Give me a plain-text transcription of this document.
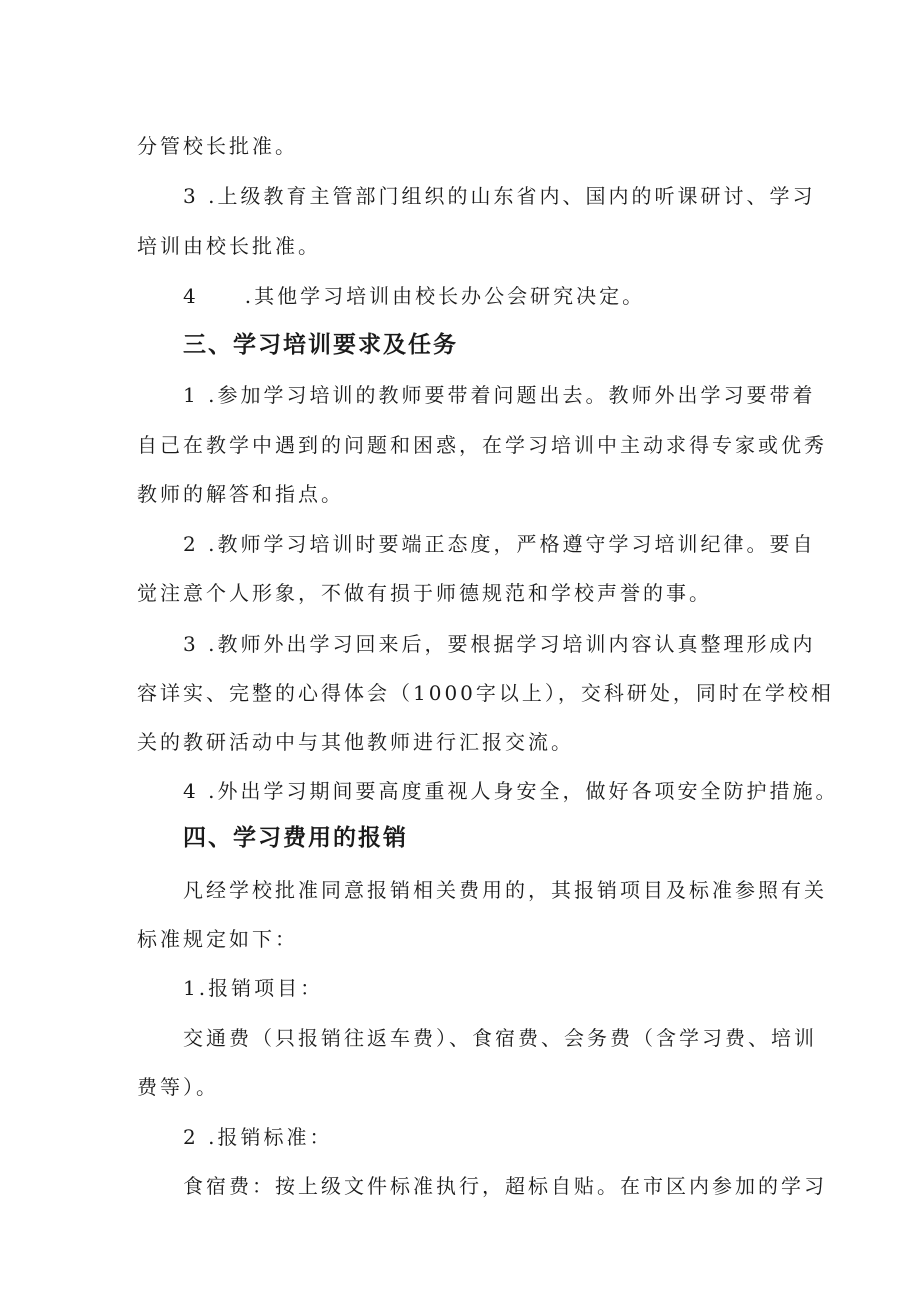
分管校长批准。
3 .上级教育主管部门组织的山东省内、国内的听课研讨、学习
培训由校长批准。
4　　.其他学习培训由校长办公会研究决定。
三、学习培训要求及任务
1 .参加学习培训的教师要带着问题出去。教师外出学习要带着
自己在教学中遇到的问题和困惑，在学习培训中主动求得专家或优秀
教师的解答和指点。
2 .教师学习培训时要端正态度，严格遵守学习培训纪律。要自
觉注意个人形象，不做有损于师德规范和学校声誉的事。
3 .教师外出学习回来后，要根据学习培训内容认真整理形成内
容详实、完整的心得体会（1000字以上），交科研处，同时在学校相
关的教研活动中与其他教师进行汇报交流。
4 .外出学习期间要高度重视人身安全，做好各项安全防护措施。
四、学习费用的报销
凡经学校批准同意报销相关费用的，其报销项目及标准参照有关
标准规定如下：
1.报销项目：
交通费（只报销往返车费）、食宿费、会务费（含学习费、培训
费等）。
2 .报销标准：
食宿费：按上级文件标准执行，超标自贴。在市区内参加的学习
